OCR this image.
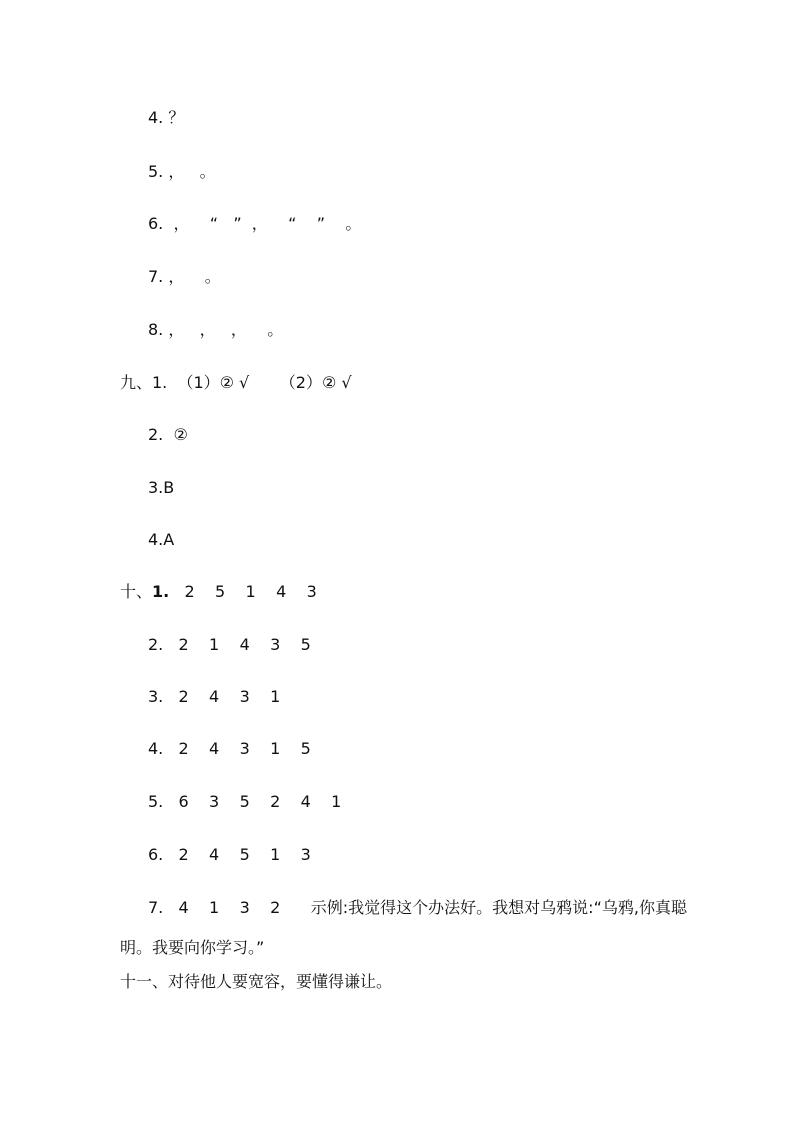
4. ？
5. ，   。
6.  ，    “   ”  ，    “    ”    。
7. ，    。
8. ，   ，   ，    。
九、1.  （1）② √      （2）② √
2.  ②
3.B
4.A
十、1.   2    5    1    4    3
2.   2    1    4    3    5
3.   2    4    3    1
4.   2    4    3    1    5
5.   6    3    5    2    4    1
6.   2    4    5    1    3
7.   4    1    3    2      示例:我觉得这个办法好。我想对乌鸦说:“乌鸦,你真聪
明。我要向你学习。”
十一、对待他人要宽容，要懂得谦让。
